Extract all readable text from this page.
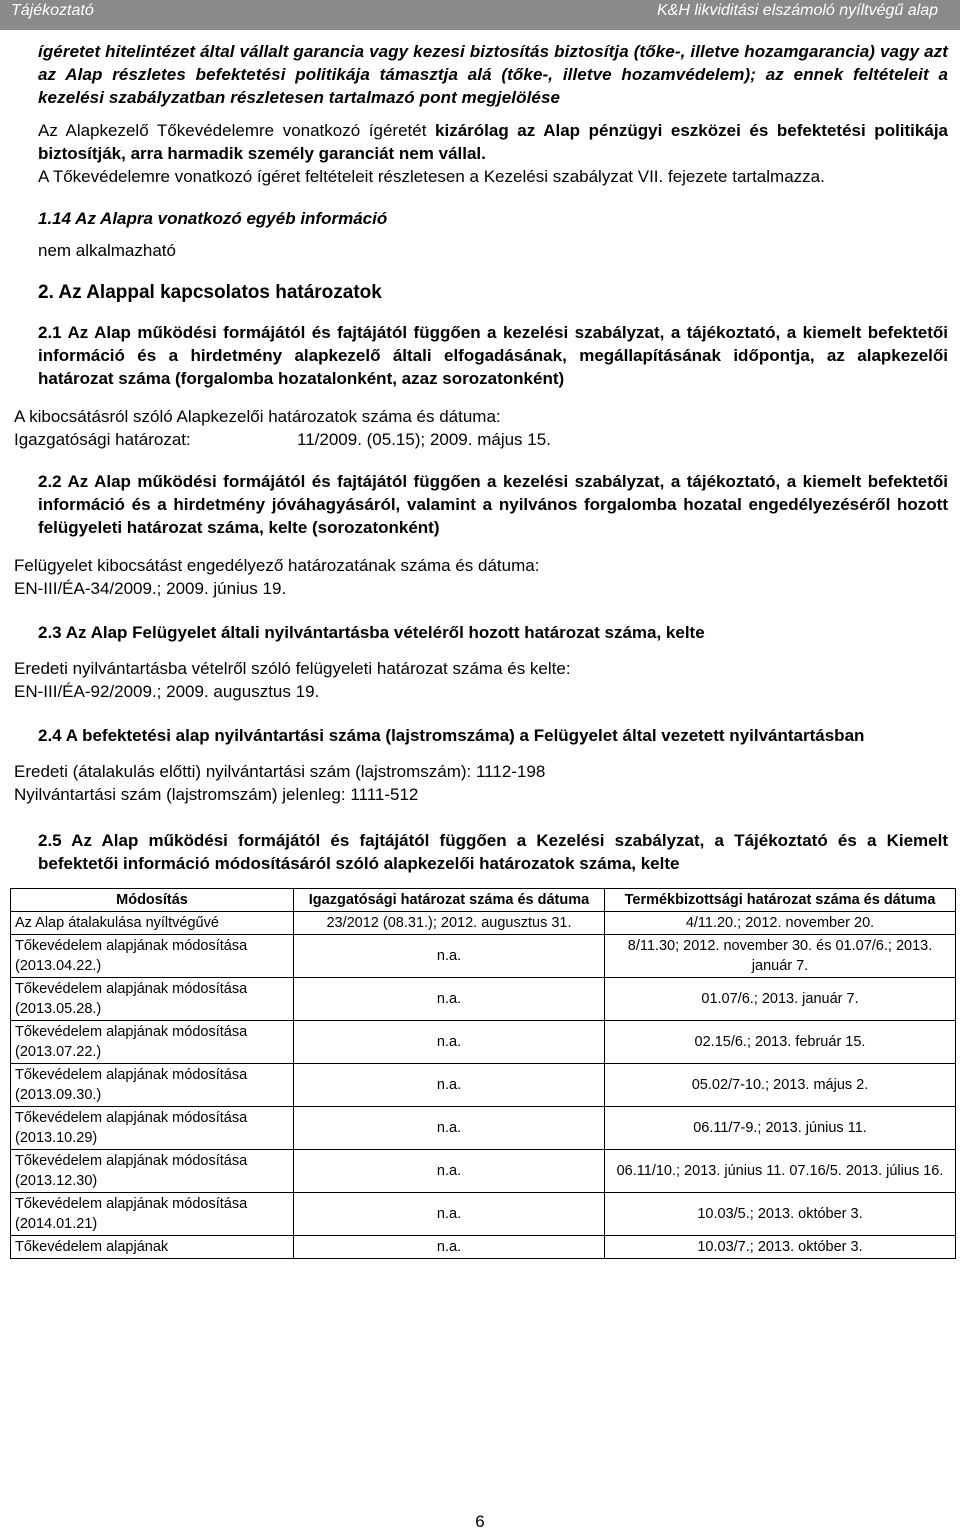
Tájékoztató	K&H likviditási elszámoló nyíltvégű alap

ígéretet hitelintézet által vállalt garancia vagy kezesi biztosítás biztosítja (tőke-, illetve hozamgarancia) vagy azt az Alap részletes befektetési politikája támasztja alá (tőke-, illetve hozamvédelem); az ennek feltételeit a kezelési szabályzatban részletesen tartalmazó pont megjelölése

Az Alapkezelő Tőkevédelemre vonatkozó ígéretét kizárólag az Alap pénzügyi eszközei és befektetési politikája biztosítják, arra harmadik személy garanciát nem vállal.

A Tőkevédelemre vonatkozó ígéret feltételeit részletesen a Kezelési szabályzat VII. fejezete tartalmazza.

1.14 Az Alapra vonatkozó egyéb információ

nem alkalmazható

2. Az Alappal kapcsolatos határozatok

2.1 Az Alap működési formájától és fajtájától függően a kezelési szabályzat, a tájékoztató, a kiemelt befektetői információ és a hirdetmény alapkezelő általi elfogadásának, megállapításának időpontja, az alapkezelői határozat száma (forgalomba hozatalonként, azaz sorozatonként)

A kibocsátásról szóló Alapkezelői határozatok száma és dátuma:

Igazgatósági határozat:	11/2009. (05.15); 2009. május 15.

2.2 Az Alap működési formájától és fajtájától függően a kezelési szabályzat, a tájékoztató, a kiemelt befektetői információ és a hirdetmény jóváhagyásáról, valamint a nyilvános forgalomba hozatal engedélyezéséről hozott felügyeleti határozat száma, kelte (sorozatonként)

Felügyelet kibocsátást engedélyező határozatának száma és dátuma:

EN-III/ÉA-34/2009.; 2009. június 19.

2.3 Az Alap Felügyelet általi nyilvántartásba vételéről hozott határozat száma, kelte

Eredeti nyilvántartásba vételről szóló felügyeleti határozat száma és kelte:

EN-III/ÉA-92/2009.; 2009. augusztus 19.

2.4 A befektetési alap nyilvántartási száma (lajstromszáma) a Felügyelet által vezetett nyilvántartásban

Eredeti (átalakulás előtti) nyilvántartási szám (lajstromszám): 1112-198

Nyilvántartási szám (lajstromszám) jelenleg: 1111-512

2.5 Az Alap működési formájától és fajtájától függően a Kezelési szabályzat, a Tájékoztató és a Kiemelt befektetői információ módosításáról szóló alapkezelői határozatok száma, kelte

Módosítás	Igazgatósági határozat száma és dátuma	Termékbizottsági határozat száma és dátuma
Az Alap átalakulása nyíltvégűvé	23/2012 (08.31.); 2012. augusztus 31.	4/11.20.; 2012. november 20.
Tőkevédelem alapjának módosítása (2013.04.22.)	n.a.	8/11.30; 2012. november 30. és 01.07/6.; 2013. január 7.
Tőkevédelem alapjának módosítása (2013.05.28.)	n.a.	01.07/6.; 2013. január 7.
Tőkevédelem alapjának módosítása (2013.07.22.)	n.a.	02.15/6.; 2013. február 15.
Tőkevédelem alapjának módosítása (2013.09.30.)	n.a.	05.02/7-10.; 2013. május 2.
Tőkevédelem alapjának módosítása (2013.10.29)	n.a.	06.11/7-9.; 2013. június 11.
Tőkevédelem alapjának módosítása (2013.12.30)	n.a.	06.11/10.; 2013. június 11. 07.16/5. 2013. július 16.
Tőkevédelem alapjának módosítása (2014.01.21)	n.a.	10.03/5.; 2013. október 3.
Tőkevédelem alapjának	n.a.	10.03/7.; 2013. október 3.
6
